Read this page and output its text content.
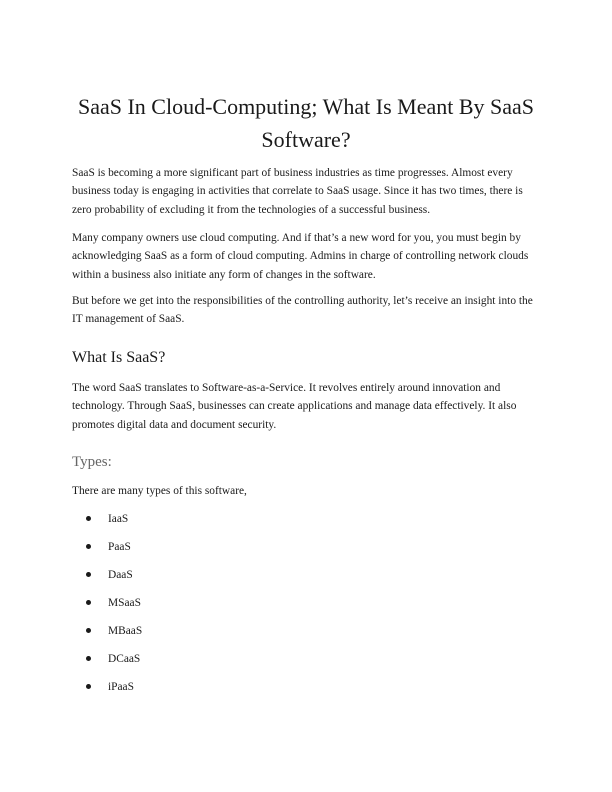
SaaS In Cloud-Computing; What Is Meant By SaaS Software?

SaaS is becoming a more significant part of business industries as time progresses. Almost every business today is engaging in activities that correlate to SaaS usage. Since it has two times, there is zero probability of excluding it from the technologies of a successful business.

Many company owners use cloud computing. And if that’s a new word for you, you must begin by acknowledging SaaS as a form of cloud computing. Admins in charge of controlling network clouds within a business also initiate any form of changes in the software.

But before we get into the responsibilities of the controlling authority, let’s receive an insight into the IT management of SaaS.

What Is SaaS?

The word SaaS translates to Software-as-a-Service. It revolves entirely around innovation and technology. Through SaaS, businesses can create applications and manage data effectively. It also promotes digital data and document security.

Types:

There are many types of this software,

IaaS
PaaS
DaaS
MSaaS
MBaaS
DCaaS
iPaaS
